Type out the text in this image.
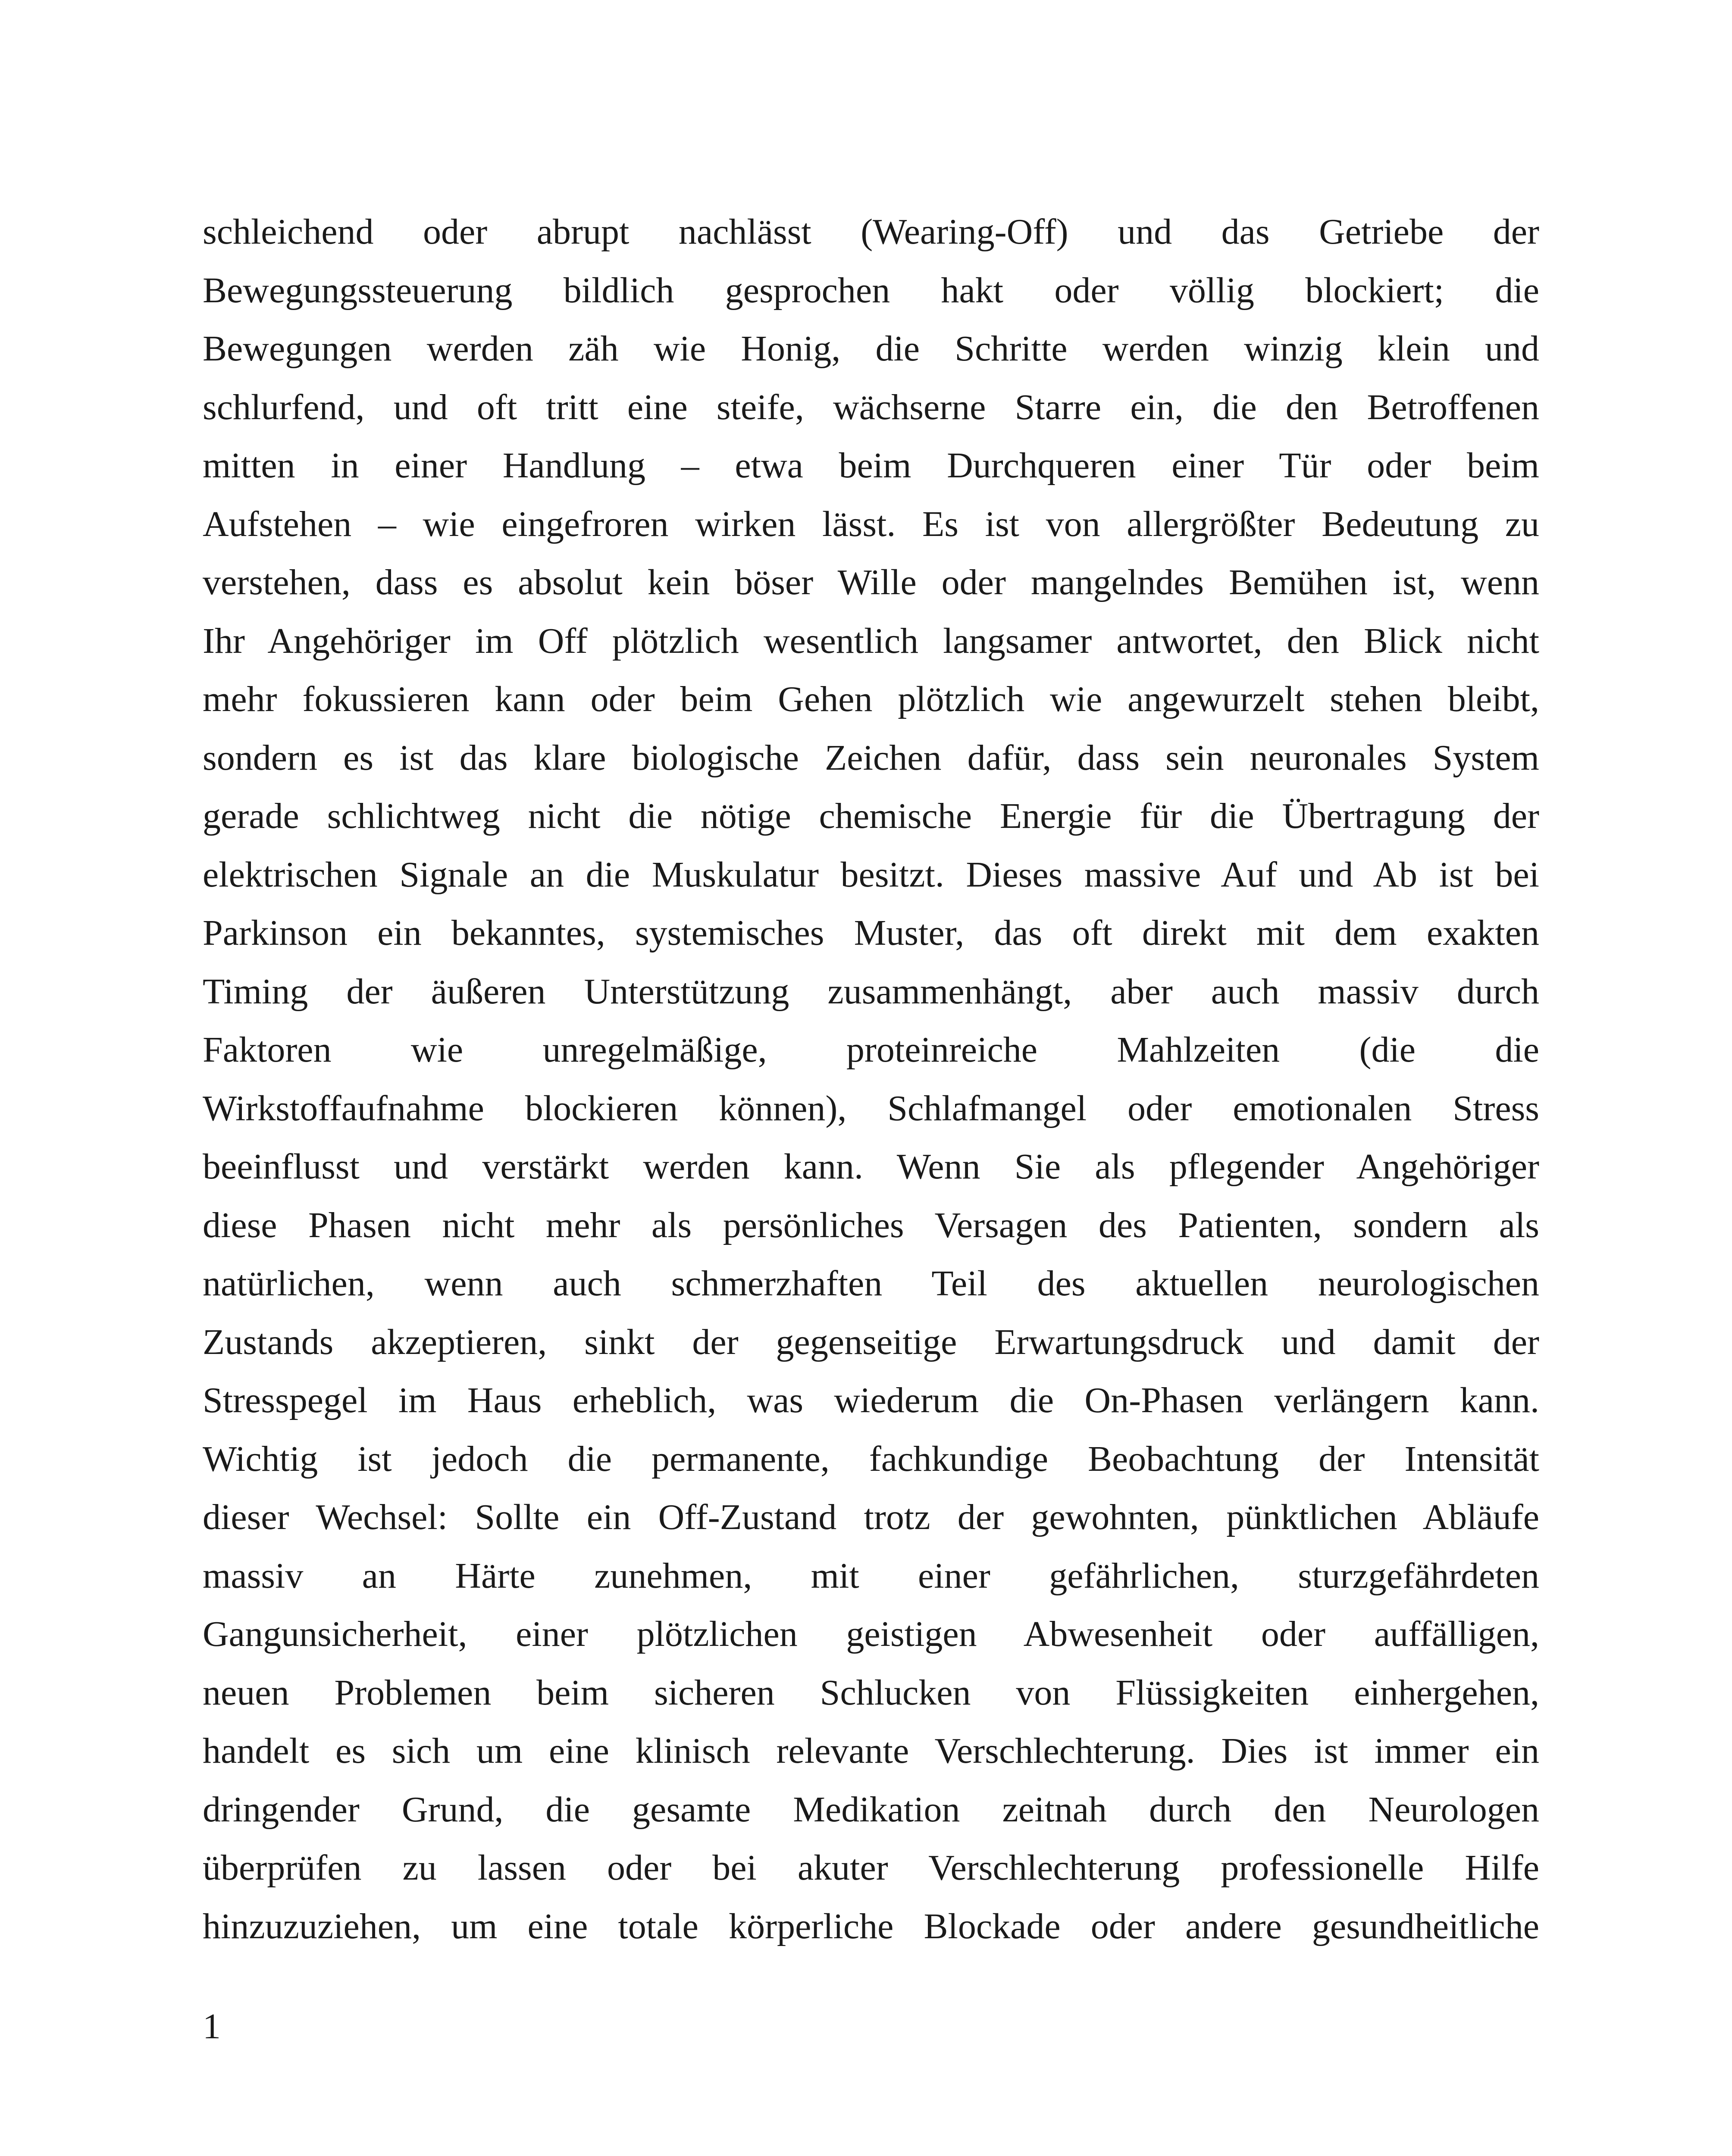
schleichend oder abrupt nachlässt (Wearing-Off) und das Getriebe der
Bewegungssteuerung bildlich gesprochen hakt oder völlig blockiert; die
Bewegungen werden zäh wie Honig, die Schritte werden winzig klein und
schlurfend, und oft tritt eine steife, wächserne Starre ein, die den Betroffenen
mitten in einer Handlung – etwa beim Durchqueren einer Tür oder beim
Aufstehen – wie eingefroren wirken lässt. Es ist von allergrößter Bedeutung zu
verstehen, dass es absolut kein böser Wille oder mangelndes Bemühen ist, wenn
Ihr Angehöriger im Off plötzlich wesentlich langsamer antwortet, den Blick nicht
mehr fokussieren kann oder beim Gehen plötzlich wie angewurzelt stehen bleibt,
sondern es ist das klare biologische Zeichen dafür, dass sein neuronales System
gerade schlichtweg nicht die nötige chemische Energie für die Übertragung der
elektrischen Signale an die Muskulatur besitzt. Dieses massive Auf und Ab ist bei
Parkinson ein bekanntes, systemisches Muster, das oft direkt mit dem exakten
Timing der äußeren Unterstützung zusammenhängt, aber auch massiv durch
Faktoren wie unregelmäßige, proteinreiche Mahlzeiten (die die
Wirkstoffaufnahme blockieren können), Schlafmangel oder emotionalen Stress
beeinflusst und verstärkt werden kann. Wenn Sie als pflegender Angehöriger
diese Phasen nicht mehr als persönliches Versagen des Patienten, sondern als
natürlichen, wenn auch schmerzhaften Teil des aktuellen neurologischen
Zustands akzeptieren, sinkt der gegenseitige Erwartungsdruck und damit der
Stresspegel im Haus erheblich, was wiederum die On-Phasen verlängern kann.
Wichtig ist jedoch die permanente, fachkundige Beobachtung der Intensität
dieser Wechsel: Sollte ein Off-Zustand trotz der gewohnten, pünktlichen Abläufe
massiv an Härte zunehmen, mit einer gefährlichen, sturzgefährdeten
Gangunsicherheit, einer plötzlichen geistigen Abwesenheit oder auffälligen,
neuen Problemen beim sicheren Schlucken von Flüssigkeiten einhergehen,
handelt es sich um eine klinisch relevante Verschlechterung. Dies ist immer ein
dringender Grund, die gesamte Medikation zeitnah durch den Neurologen
überprüfen zu lassen oder bei akuter Verschlechterung professionelle Hilfe
hinzuzuziehen, um eine totale körperliche Blockade oder andere gesundheitliche
1
